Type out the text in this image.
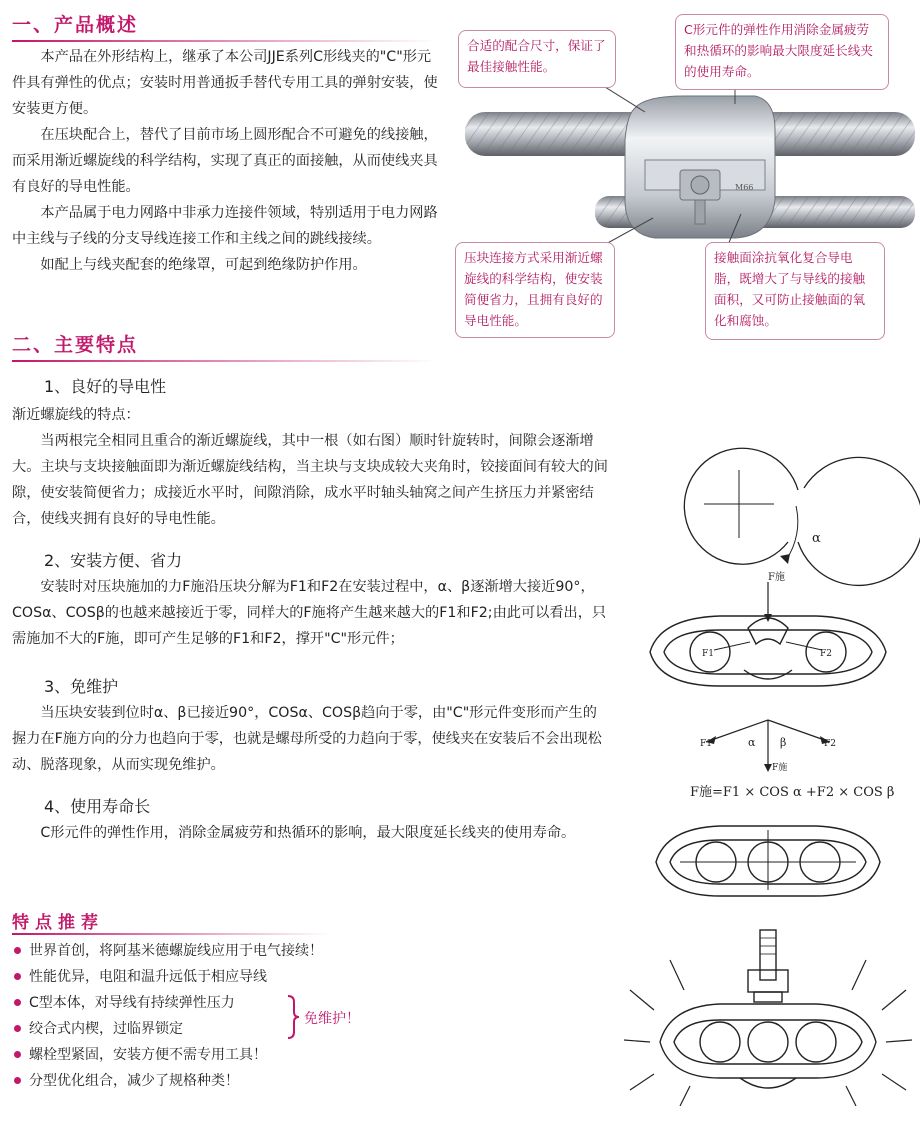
一、产品概述

本产品在外形结构上，继承了本公司JJE系列C形线夹的"C"形元件具有弹性的优点；安装时用普通扳手替代专用工具的弹射安装，使安装更方便。

在压块配合上，替代了目前市场上圆形配合不可避免的线接触，而采用渐近螺旋线的科学结构，实现了真正的面接触，从而使线夹具有良好的导电性能。

本产品属于电力网路中非承力连接件领域，特别适用于电力网路中主线与子线的分支导线连接工作和主线之间的跳线接续。

如配上与线夹配套的绝缘罩，可起到绝缘防护作用。

M66
合适的配合尺寸，保证了最佳接触性能。
C形元件的弹性作用消除金属疲劳和热循环的影响最大限度延长线夹的使用寿命。
压块连接方式采用渐近螺旋线的科学结构，使安装简便省力，且拥有良好的导电性能。
接触面涂抗氧化复合导电脂，既增大了与导线的接触面积，又可防止接触面的氧化和腐蚀。
二、主要特点
1、良好的导电性
渐近螺旋线的特点：

当两根完全相同且重合的渐近螺旋线，其中一根（如右图）顺时针旋转时，间隙会逐渐增大。主块与支块接触面即为渐近螺旋线结构，当主块与支块成较大夹角时，铰接面间有较大的间隙，使安装简便省力；成接近水平时，间隙消除，成水平时轴头轴窝之间产生挤压力并紧密结合，使线夹拥有良好的导电性能。

2、安装方便、省力

安装时对压块施加的力F施沿压块分解为F1和F2在安装过程中，α、β逐渐增大接近90°，COSα、COSβ的也越来越接近于零，同样大的F施将产生越来越大的F1和F2;由此可以看出，只需施加不大的F施，即可产生足够的F1和F2，撑开"C"形元件；

3、免维护

当压块安装到位时α、β已接近90°，COSα、COSβ趋向于零，由"C"形元件变形而产生的握力在F施方向的分力也趋向于零，也就是螺母所受的力趋向于零，使线夹在安装后不会出现松动、脱落现象，从而实现免维护。

4、使用寿命长

C形元件的弹性作用，消除金属疲劳和热循环的影响，最大限度延长线夹的使用寿命。

特点推荐
世界首创，将阿基米德螺旋线应用于电气接续！
性能优异，电阻和温升远低于相应导线
C型本体，对导线有持续弹性压力
绞合式内楔，过临界锁定
螺栓型紧固，安装方便不需专用工具！
分型优化组合，减少了规格种类！
免维护！
α
F施
F1	F2
F1	F2
α β
F施
F施=F1 × COS α +F2 × COS β
